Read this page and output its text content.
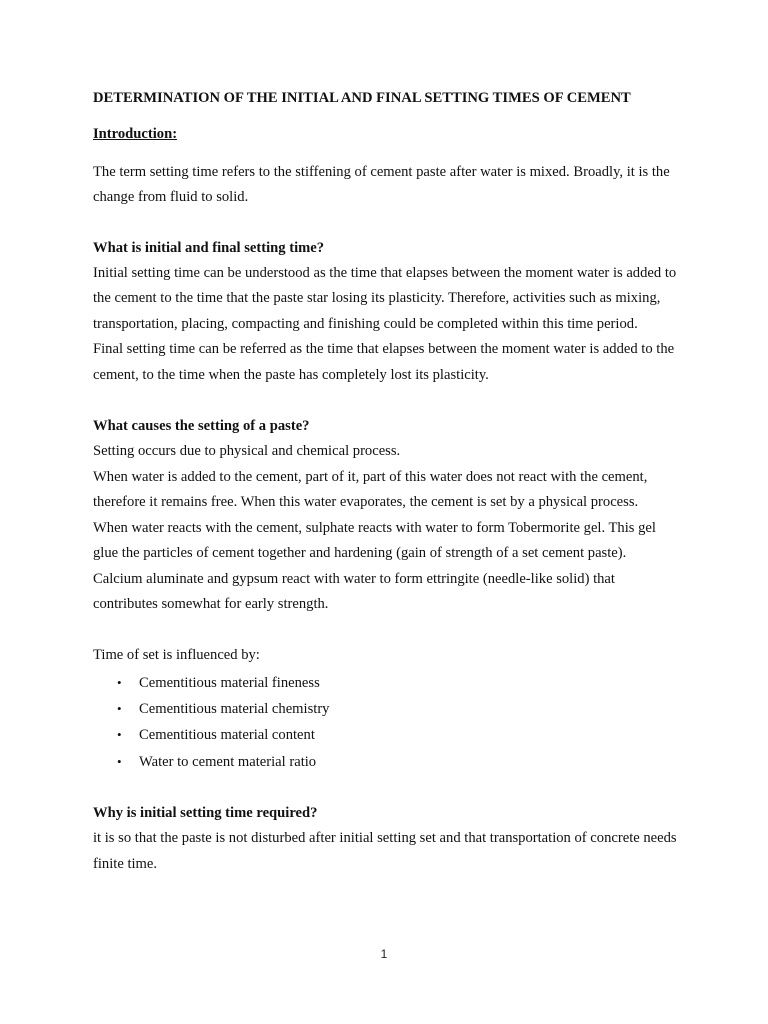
DETERMINATION OF THE INITIAL AND FINAL SETTING TIMES OF CEMENT

Introduction:

The term setting time refers to the stiffening of cement paste after water is mixed. Broadly, it is the change from fluid to solid.

What is initial and final setting time?

Initial setting time can be understood as the time that elapses between the moment water is added to the cement to the time that the paste star losing its plasticity. Therefore, activities such as mixing, transportation, placing, compacting and finishing could be completed within this time period.

Final setting time can be referred as the time that elapses between the moment water is added to the cement, to the time when the paste has completely lost its plasticity.

What causes the setting of a paste?

Setting occurs due to physical and chemical process.

When water is added to the cement, part of it, part of this water does not react with the cement, therefore it remains free. When this water evaporates, the cement is set by a physical process.

When water reacts with the cement, sulphate reacts with water to form Tobermorite gel. This gel glue the particles of cement together and hardening (gain of strength of a set cement paste). Calcium aluminate and gypsum react with water to form ettringite (needle-like solid) that contributes somewhat for early strength.

Time of set is influenced by:

• Cementitious material fineness
• Cementitious material chemistry
• Cementitious material content
• Water to cement material ratio

Why is initial setting time required?

it is so that the paste is not disturbed after initial setting set and that transportation of concrete needs finite time.

1
